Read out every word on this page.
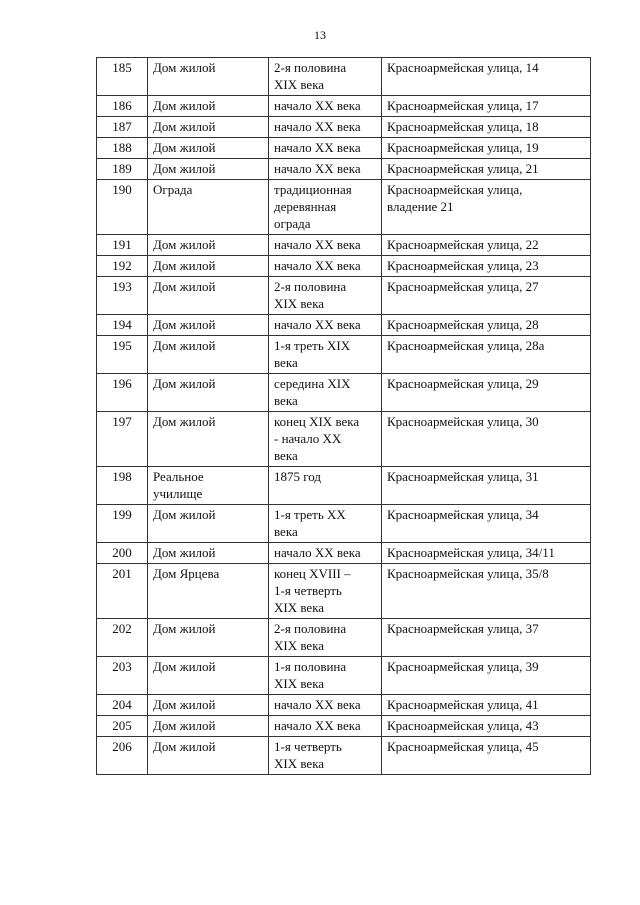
13
185	Дом жилой	2-я половина
XIX века	Красноармейская улица, 14
186	Дом жилой	начало XX века	Красноармейская улица, 17
187	Дом жилой	начало XX века	Красноармейская улица, 18
188	Дом жилой	начало XX века	Красноармейская улица, 19
189	Дом жилой	начало XX века	Красноармейская улица, 21
190	Ограда	традиционная
деревянная
ограда	Красноармейская улица,
владение 21
191	Дом жилой	начало XX века	Красноармейская улица, 22
192	Дом жилой	начало XX века	Красноармейская улица, 23
193	Дом жилой	2-я половина
XIX века	Красноармейская улица, 27
194	Дом жилой	начало XX века	Красноармейская улица, 28
195	Дом жилой	1-я треть XIX
века	Красноармейская улица, 28а
196	Дом жилой	середина XIX
века	Красноармейская улица, 29
197	Дом жилой	конец XIX века
- начало XX
века	Красноармейская улица, 30
198	Реальное
училище	1875 год	Красноармейская улица, 31
199	Дом жилой	1-я треть XX
века	Красноармейская улица, 34
200	Дом жилой	начало XX века	Красноармейская улица, 34/11
201	Дом Ярцева	конец XVIII –
1-я четверть
XIX века	Красноармейская улица, 35/8
202	Дом жилой	2-я половина
XIX века	Красноармейская улица, 37
203	Дом жилой	1-я половина
XIX века	Красноармейская улица, 39
204	Дом жилой	начало XX века	Красноармейская улица, 41
205	Дом жилой	начало XX века	Красноармейская улица, 43
206	Дом жилой	1-я четверть
XIX века	Красноармейская улица, 45
